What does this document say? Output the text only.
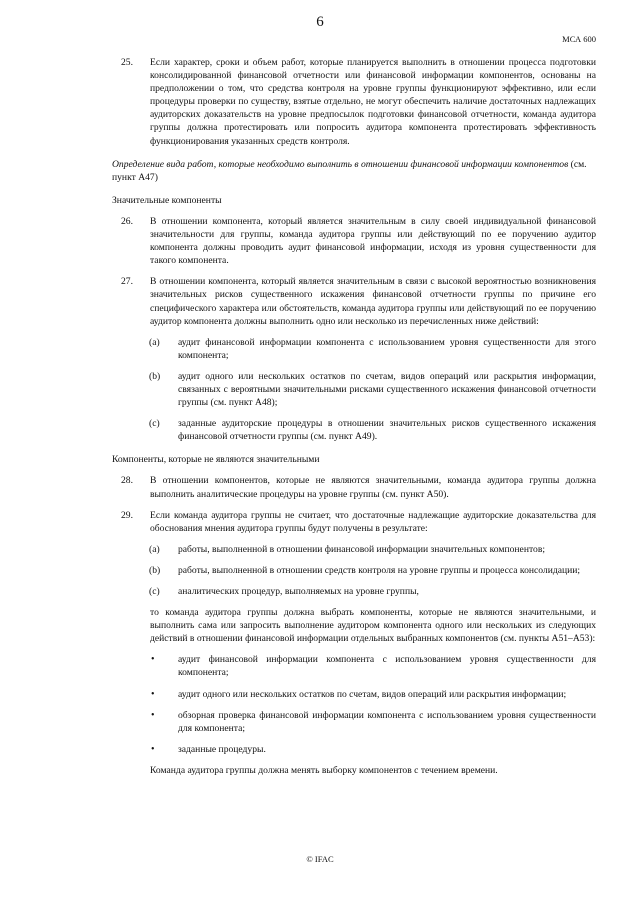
6
МСА 600
25. Если характер, сроки и объем работ, которые планируется выполнить в отношении процесса подготовки консолидированной финансовой отчетности или финансовой информации компонентов, основаны на предположении о том, что средства контроля на уровне группы функционируют эффективно, или если процедуры проверки по существу, взятые отдельно, не могут обеспечить наличие достаточных надлежащих аудиторских доказательств на уровне предпосылок подготовки финансовой отчетности, команда аудитора группы должна протестировать или попросить аудитора компонента протестировать эффективность функционирования указанных средств контроля.
Определение вида работ, которые необходимо выполнить в отношении финансовой информации компонентов (см. пункт A47)
Значительные компоненты
26. В отношении компонента, который является значительным в силу своей индивидуальной финансовой значительности для группы, команда аудитора группы или действующий по ее поручению аудитор компонента должны проводить аудит финансовой информации, исходя из уровня существенности для такого компонента.
27. В отношении компонента, который является значительным в связи с высокой вероятностью возникновения значительных рисков существенного искажения финансовой отчетности группы по причине его специфического характера или обстоятельств, команда аудитора группы или действующий по ее поручению аудитор компонента должны выполнить одно или несколько из перечисленных ниже действий:
(a) аудит финансовой информации компонента с использованием уровня существенности для этого компонента;
(b) аудит одного или нескольких остатков по счетам, видов операций или раскрытия информации, связанных с вероятными значительными рисками существенного искажения финансовой отчетности группы (см. пункт A48);
(c) заданные аудиторские процедуры в отношении значительных рисков существенного искажения финансовой отчетности группы (см. пункт A49).
Компоненты, которые не являются значительными
28. В отношении компонентов, которые не являются значительными, команда аудитора группы должна выполнить аналитические процедуры на уровне группы (см. пункт A50).
29. Если команда аудитора группы не считает, что достаточные надлежащие аудиторские доказательства для обоснования мнения аудитора группы будут получены в результате:
(a) работы, выполненной в отношении финансовой информации значительных компонентов;
(b) работы, выполненной в отношении средств контроля на уровне группы и процесса консолидации;
(c) аналитических процедур, выполняемых на уровне группы,
то команда аудитора группы должна выбрать компоненты, которые не являются значительными, и выполнить сама или запросить выполнение аудитором компонента одного или нескольких из следующих действий в отношении финансовой информации отдельных выбранных компонентов (см. пункты A51–A53):
• аудит финансовой информации компонента с использованием уровня существенности для компонента;
• аудит одного или нескольких остатков по счетам, видов операций или раскрытия информации;
• обзорная проверка финансовой информации компонента с использованием уровня существенности для компонента;
• заданные процедуры.
Команда аудитора группы должна менять выборку компонентов с течением времени.
© IFAC
